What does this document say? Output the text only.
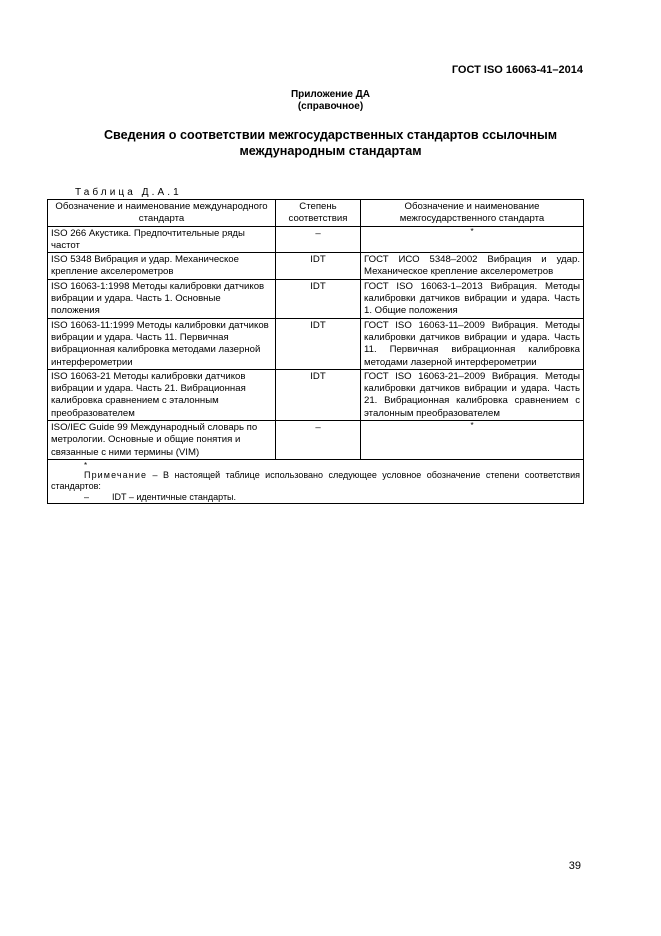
ГОСТ ISO 16063-41–2014
Приложение ДА
(справочное)
Сведения о соответствии межгосударственных стандартов ссылочным
международным стандартам
Таблица Д.А.1
Обозначение и наименование международного стандарта	Степень соответствия	Обозначение и наименование межгосударственного стандарта
ISO 266 Акустика. Предпочтительные ряды частот	–	*

ISO 5348 Вибрация и удар. Механическое крепление акселерометров	IDT	ГОСТ ИСО 5348–2002 Вибрация и удар. Механическое крепление акселерометров
ISO 16063-1:1998 Методы калибровки датчиков вибрации и удара. Часть 1. Основные положения	IDT	ГОСТ ISO 16063-1–2013 Вибрация. Методы калибровки датчиков вибрации и удара. Часть 1. Общие положения
ISO 16063-11:1999 Методы калибровки датчиков вибрации и удара. Часть 11. Первичная вибрационная калибровка методами лазерной интерферометрии	IDT	ГОСТ ISO 16063-11–2009 Вибрация. Методы калибровки датчиков вибрации и удара. Часть 11. Первичная вибрационная калибровка методами лазерной интерферометрии
ISO 16063-21 Методы калибровки датчиков вибрации и удара. Часть 21. Вибрационная калибровка сравнением с эталонным преобразователем	IDT	ГОСТ ISO 16063-21–2009 Вибрация. Методы калибровки датчиков вибрации и удара. Часть 21. Вибрационная калибровка сравнением с эталонным преобразователем
ISO/IEC Guide 99 Международный словарь по метрологии. Основные и общие понятия и связанные с ними термины (VIM)	–	*

*
Примечание – В настоящей таблице использовано следующее условное обозначение степени соответствия стандартов:
– IDT – идентичные стандарты.		
39
